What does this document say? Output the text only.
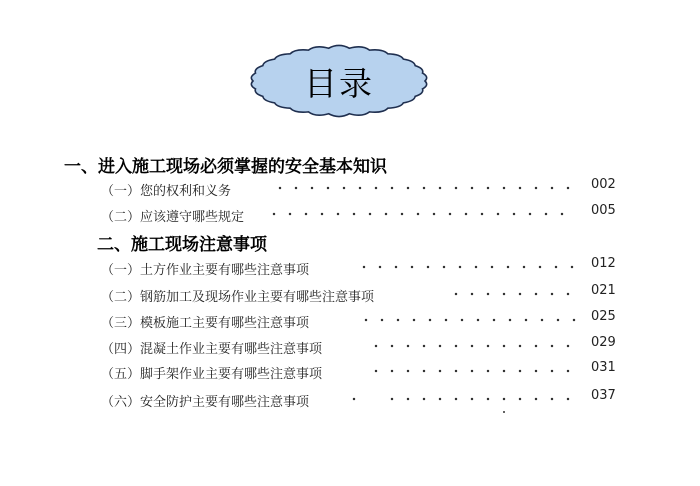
目录
一、进入施工现场必须掌握的安全基本知识
（一）您的权利和义务	002
（二）应该遵守哪些规定	005
二、施工现场注意事项
（一）土方作业主要有哪些注意事项	012
（二）钢筋加工及现场作业主要有哪些注意事项	021
（三）模板施工主要有哪些注意事项	025
（四）混凝土作业主要有哪些注意事项	029
（五）脚手架作业主要有哪些注意事项	031
（六）安全防护主要有哪些注意事项	037
